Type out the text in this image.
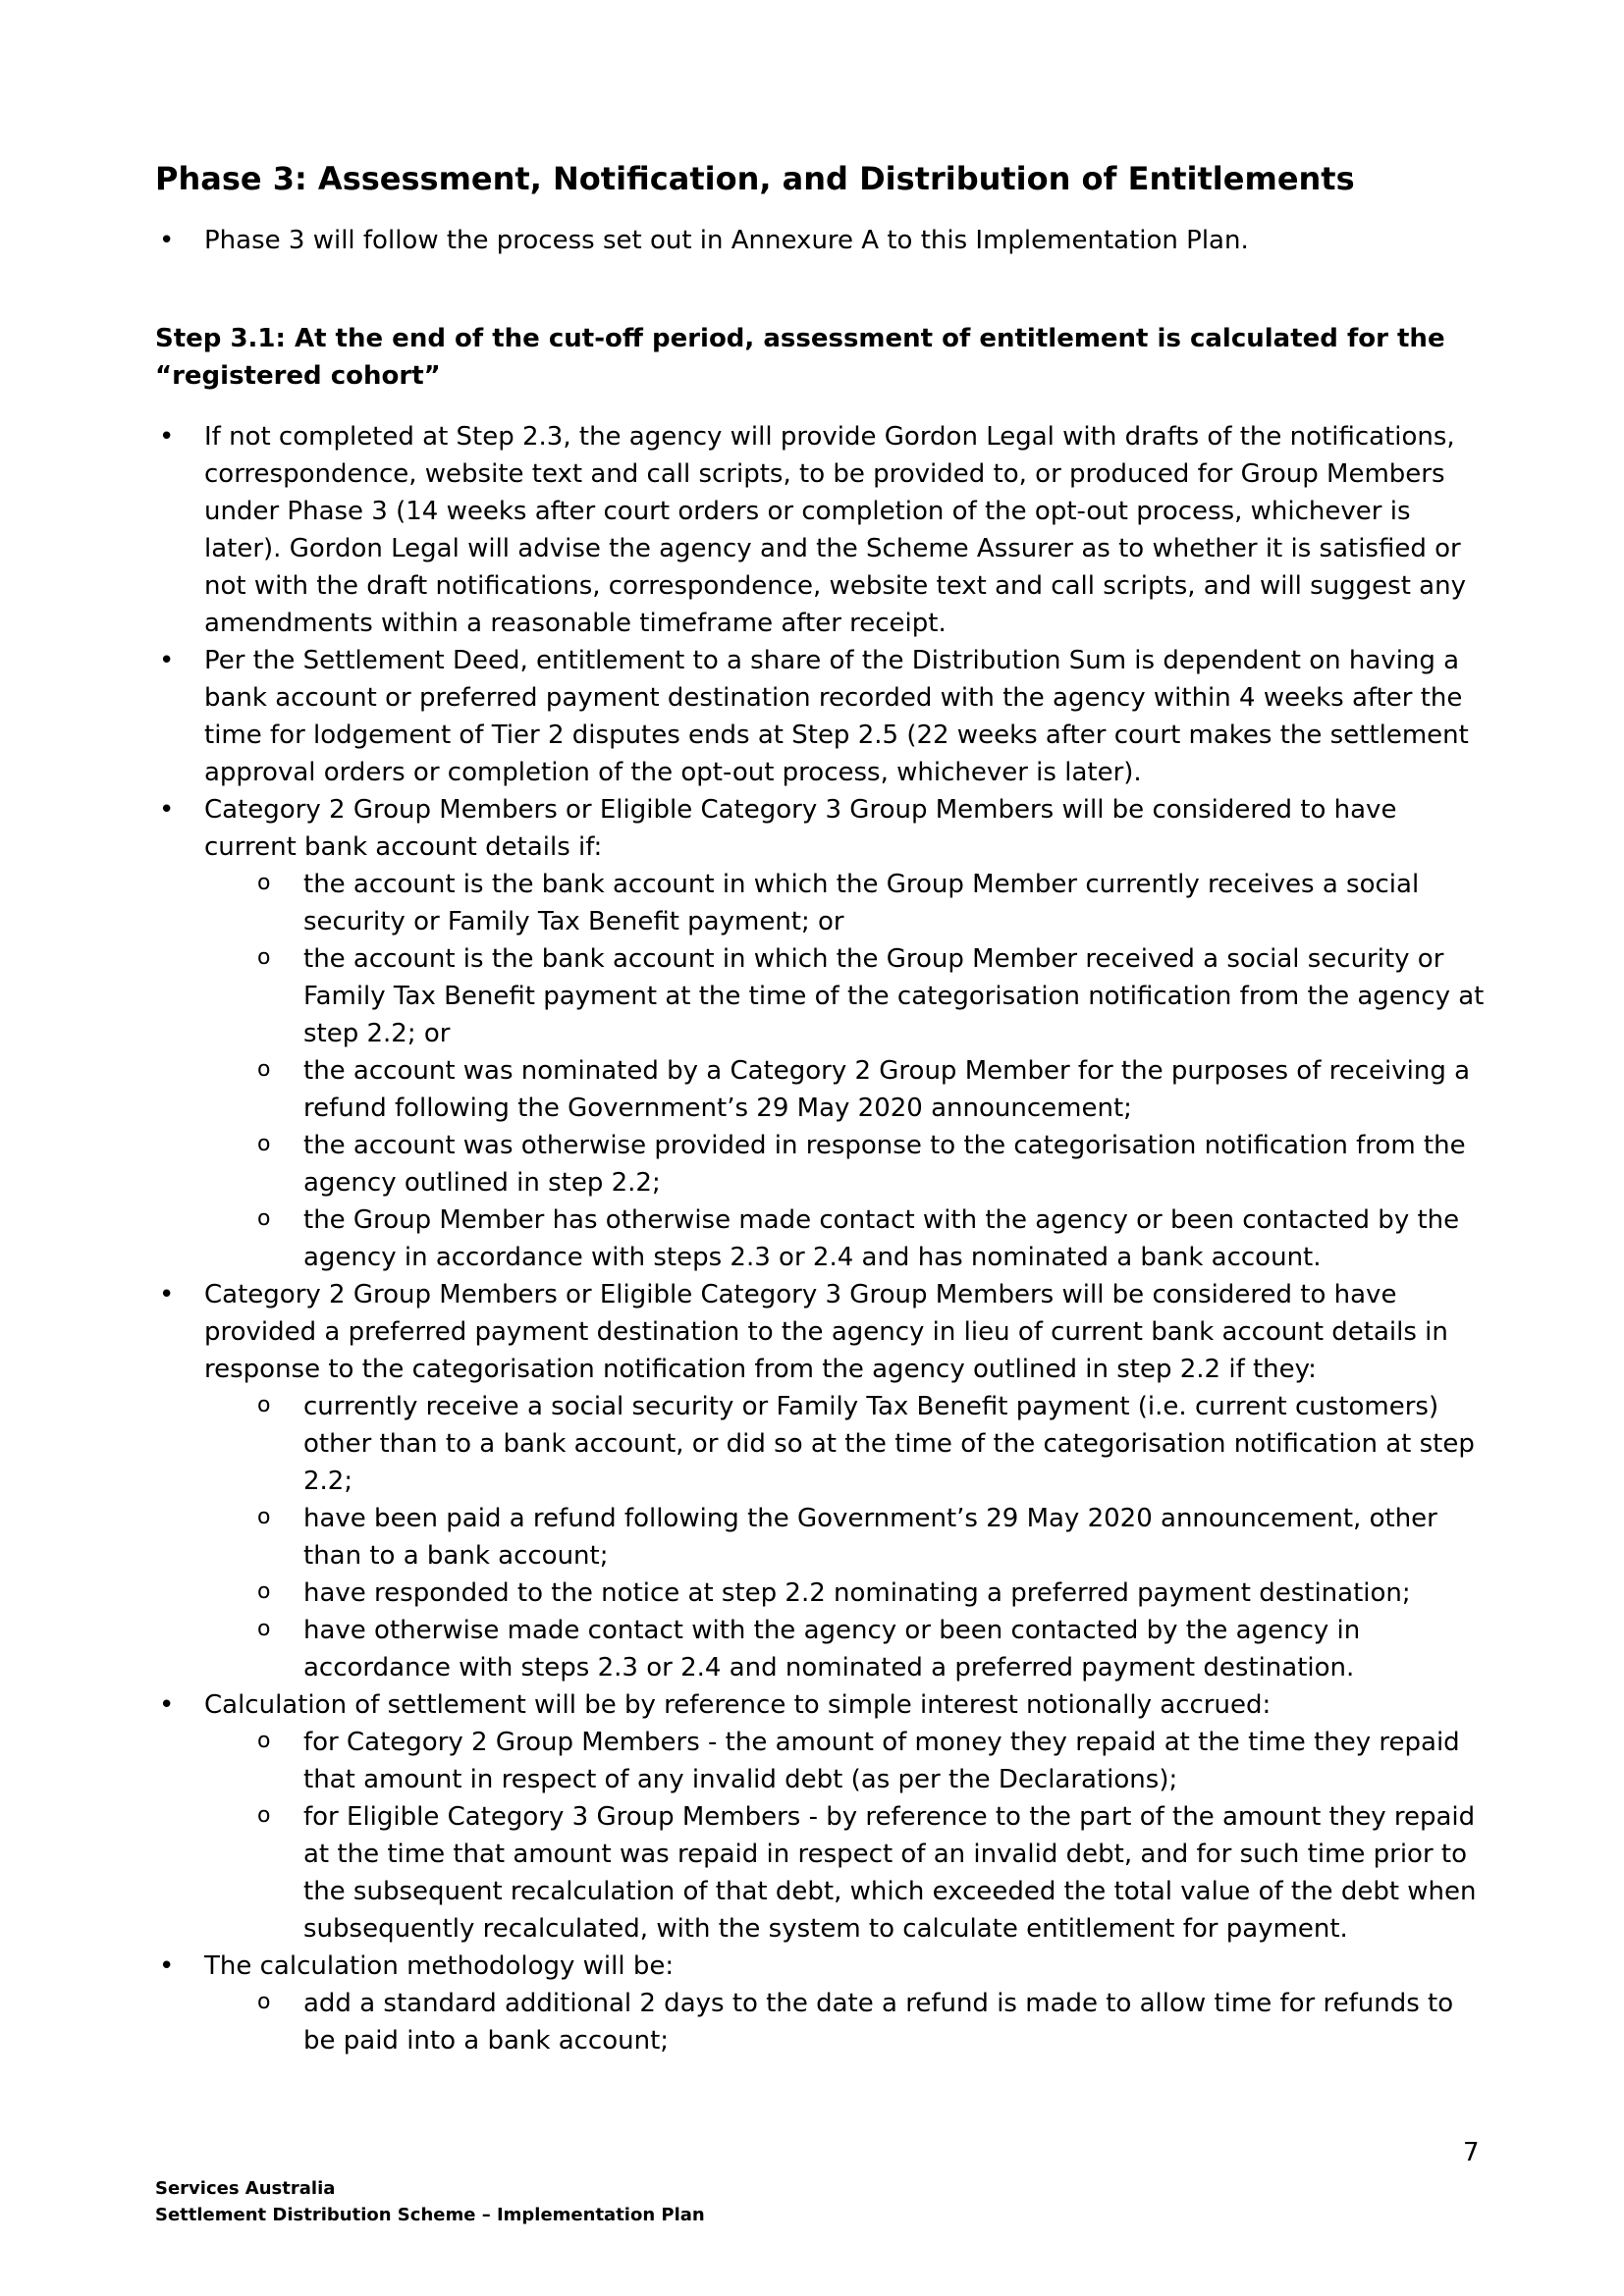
Phase 3: Assessment, Notification, and Distribution of Entitlements
• Phase 3 will follow the process set out in Annexure A to this Implementation Plan.
Step 3.1: At the end of the cut-off period, assessment of entitlement is calculated for the “registered cohort”
• If not completed at Step 2.3, the agency will provide Gordon Legal with drafts of the notifications, correspondence, website text and call scripts, to be provided to, or produced for Group Members under Phase 3 (14 weeks after court orders or completion of the opt-out process, whichever is later). Gordon Legal will advise the agency and the Scheme Assurer as to whether it is satisfied or not with the draft notifications, correspondence, website text and call scripts, and will suggest any amendments within a reasonable timeframe after receipt.
• Per the Settlement Deed, entitlement to a share of the Distribution Sum is dependent on having a bank account or preferred payment destination recorded with the agency within 4 weeks after the time for lodgement of Tier 2 disputes ends at Step 2.5 (22 weeks after court makes the settlement approval orders or completion of the opt-out process, whichever is later).
• Category 2 Group Members or Eligible Category 3 Group Members will be considered to have current bank account details if:
o the account is the bank account in which the Group Member currently receives a social security or Family Tax Benefit payment; or
o the account is the bank account in which the Group Member received a social security or Family Tax Benefit payment at the time of the categorisation notification from the agency at step 2.2; or
o the account was nominated by a Category 2 Group Member for the purposes of receiving a refund following the Government’s 29 May 2020 announcement;
o the account was otherwise provided in response to the categorisation notification from the agency outlined in step 2.2;
o the Group Member has otherwise made contact with the agency or been contacted by the agency in accordance with steps 2.3 or 2.4 and has nominated a bank account.
• Category 2 Group Members or Eligible Category 3 Group Members will be considered to have provided a preferred payment destination to the agency in lieu of current bank account details in response to the categorisation notification from the agency outlined in step 2.2 if they:
o currently receive a social security or Family Tax Benefit payment (i.e. current customers) other than to a bank account, or did so at the time of the categorisation notification at step 2.2;
o have been paid a refund following the Government’s 29 May 2020 announcement, other than to a bank account;
o have responded to the notice at step 2.2 nominating a preferred payment destination;
o have otherwise made contact with the agency or been contacted by the agency in accordance with steps 2.3 or 2.4 and nominated a preferred payment destination.
• Calculation of settlement will be by reference to simple interest notionally accrued:
o for Category 2 Group Members - the amount of money they repaid at the time they repaid that amount in respect of any invalid debt (as per the Declarations);
o for Eligible Category 3 Group Members - by reference to the part of the amount they repaid at the time that amount was repaid in respect of an invalid debt, and for such time prior to the subsequent recalculation of that debt, which exceeded the total value of the debt when subsequently recalculated, with the system to calculate entitlement for payment.
• The calculation methodology will be:
o add a standard additional 2 days to the date a refund is made to allow time for refunds to be paid into a bank account;
7
Services Australia
Settlement Distribution Scheme – Implementation Plan
